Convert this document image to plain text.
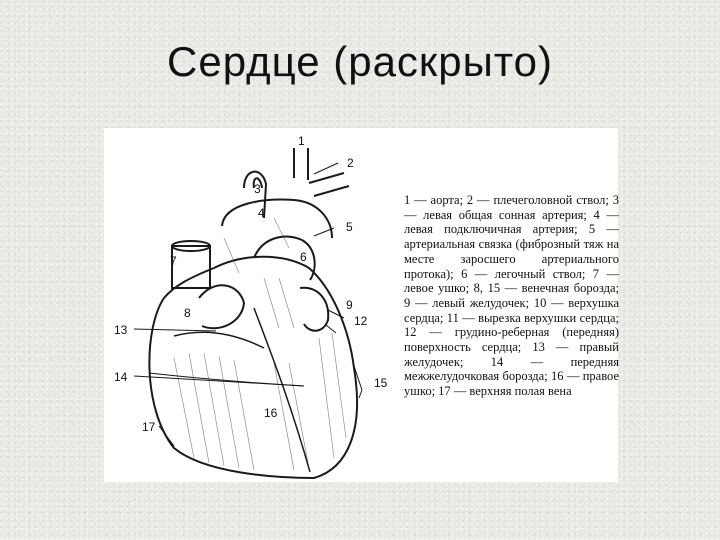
Сердце (раскрыто)
1
2
3
4
5
6
7
8
9
12
13
14	15
16
17
1 — аорта; 2 — плечеголовной ствол; 3 — левая общая сонная артерия; 4 — левая подключичная артерия; 5 — артериальная связка (фиброзный тяж на месте заросшего артериального протока); 6 — легочный ствол; 7 — левое ушко; 8, 15 — венечная борозда; 9 — левый желудочек; 10 — верхушка сердца; 11 — вырезка верхушки сердца; 12 — грудино-реберная (передняя) поверхность сердца; 13 — правый желудочек; 14 — передняя межжелудочковая борозда; 16 — правое ушко; 17 — верхняя полая вена
